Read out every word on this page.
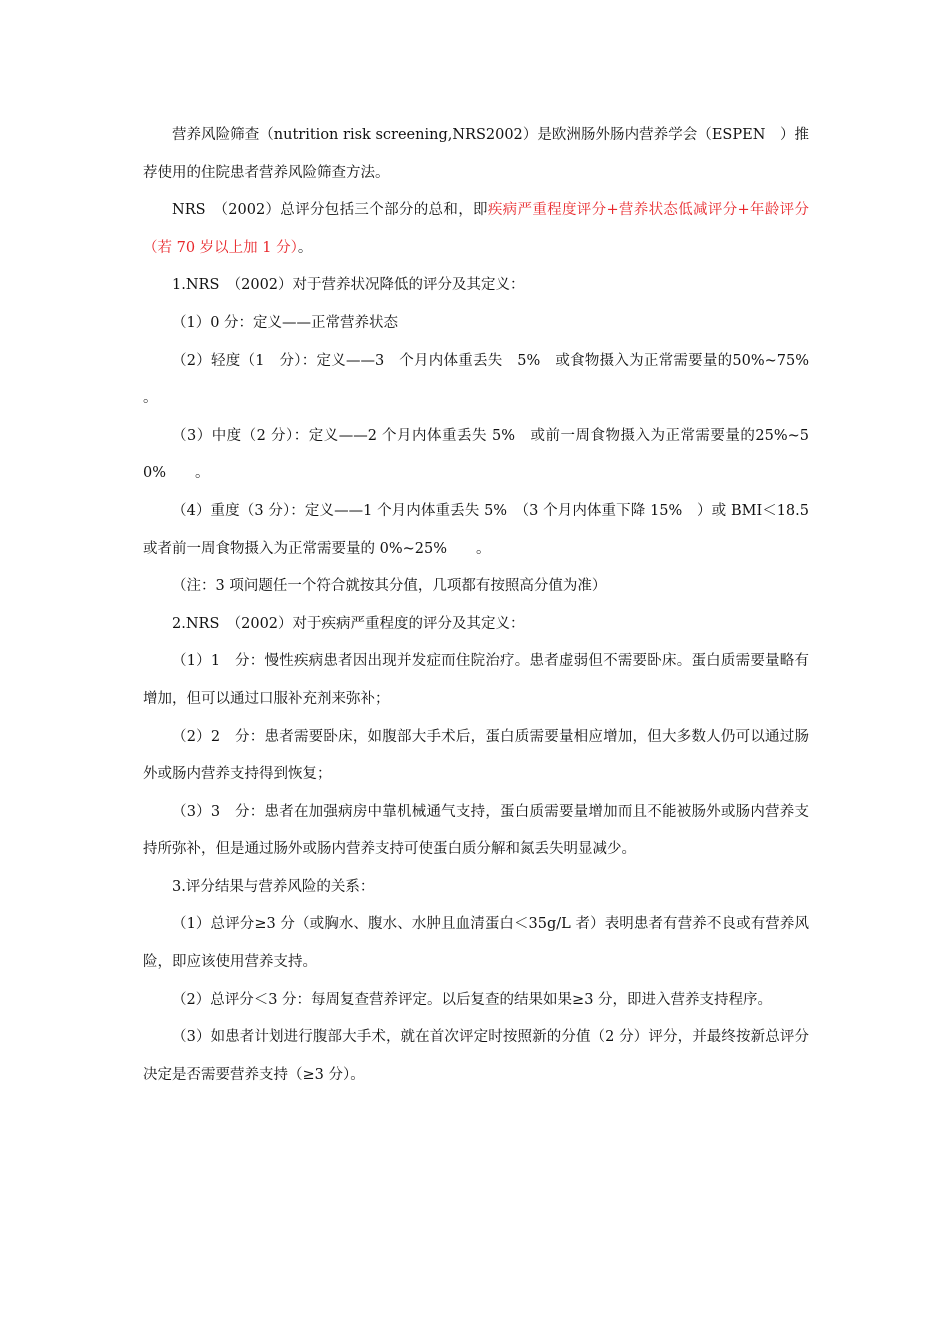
营养风险筛查（nutrition risk screening,NRS2002）是欧洲肠外肠内营养学会（ESPEN　）推荐使用的住院患者营养风险筛查方法。

NRS　（2002）总评分包括三个部分的总和，即疾病严重程度评分+营养状态低减评分+年龄评分（若 70 岁以上加 1 分）。

1.NRS　（2002）对于营养状况降低的评分及其定义：

（1）0 分：定义——正常营养状态

（2）轻度（1　分）：定义——3　个月内体重丢失　5%　或食物摄入为正常需要量的50%~75%　　。

（3）中度（2 分）：定义——2 个月内体重丢失 5%　或前一周食物摄入为正常需要量的25%~50%　　。

（4）重度（3 分）：定义——1 个月内体重丢失 5%　（3 个月内体重下降 15%　）或 BMI＜18.5 或者前一周食物摄入为正常需要量的 0%~25%　　。

（注：3 项问题任一个符合就按其分值，几项都有按照高分值为准）

2.NRS　（2002）对于疾病严重程度的评分及其定义：

（1）1　分：慢性疾病患者因出现并发症而住院治疗。患者虚弱但不需要卧床。蛋白质需要量略有增加，但可以通过口服补充剂来弥补；

（2）2　分：患者需要卧床，如腹部大手术后，蛋白质需要量相应增加，但大多数人仍可以通过肠外或肠内营养支持得到恢复；

（3）3　分：患者在加强病房中靠机械通气支持，蛋白质需要量增加而且不能被肠外或肠内营养支持所弥补，但是通过肠外或肠内营养支持可使蛋白质分解和氮丢失明显减少。

3.评分结果与营养风险的关系：

（1）总评分≥3 分（或胸水、腹水、水肿且血清蛋白＜35g/L 者）表明患者有营养不良或有营养风险，即应该使用营养支持。

（2）总评分＜3 分：每周复查营养评定。以后复查的结果如果≥3 分，即进入营养支持程序。

（3）如患者计划进行腹部大手术，就在首次评定时按照新的分值（2 分）评分，并最终按新总评分决定是否需要营养支持（≥3 分）。
